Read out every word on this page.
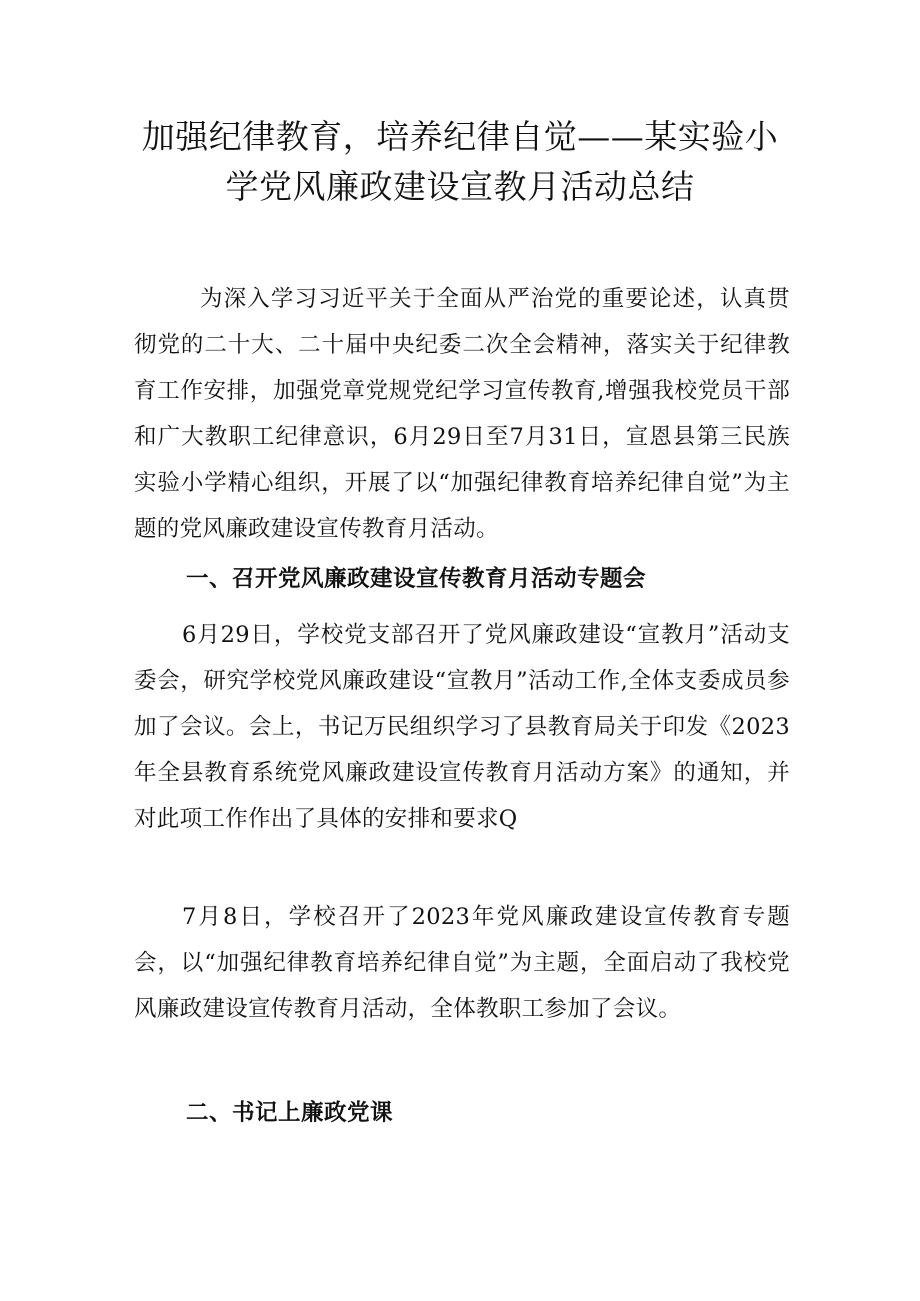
加强纪律教育，培养纪律自觉——某实验小
学党风廉政建设宣教月活动总结

为深入学习习近平关于全面从严治党的重要论述，认真贯彻党的二十大、二十届中央纪委二次全会精神，落实关于纪律教育工作安排，加强党章党规党纪学习宣传教育,增强我校党员干部和广大教职工纪律意识，6月29日至7月31日，宣恩县第三民族实验小学精心组织，开展了以“加强纪律教育培养纪律自觉”为主题的党风廉政建设宣传教育月活动。

一、召开党风廉政建设宣传教育月活动专题会

6月29日，学校党支部召开了党风廉政建设“宣教月”活动支委会，研究学校党风廉政建设“宣教月”活动工作,全体支委成员参加了会议。会上，书记万民组织学习了县教育局关于印发《2023年全县教育系统党风廉政建设宣传教育月活动方案》的通知，并对此项工作作出了具体的安排和要求Q

7月8日，学校召开了2023年党风廉政建设宣传教育专题会，以“加强纪律教育培养纪律自觉”为主题，全面启动了我校党风廉政建设宣传教育月活动，全体教职工参加了会议。

二、书记上廉政党课
